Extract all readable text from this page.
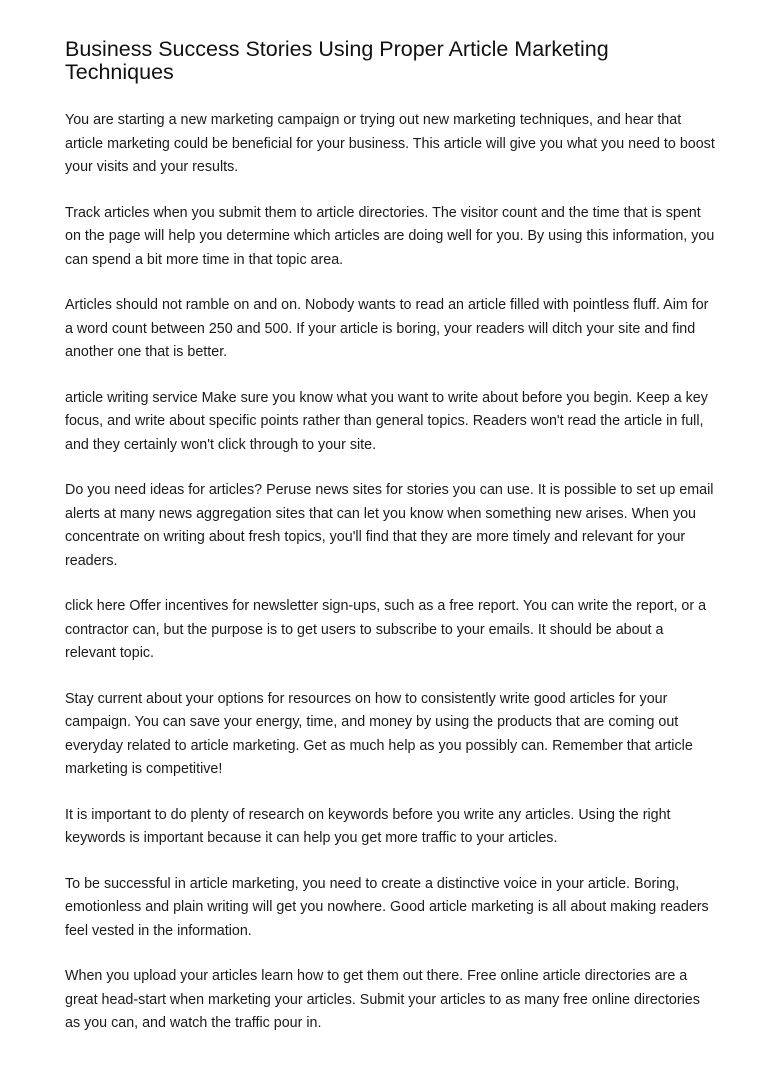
Business Success Stories Using Proper Article Marketing Techniques

You are starting a new marketing campaign or trying out new marketing techniques, and hear that article marketing could be beneficial for your business. This article will give you what you need to boost your visits and your results.

Track articles when you submit them to article directories. The visitor count and the time that is spent on the page will help you determine which articles are doing well for you. By using this information, you can spend a bit more time in that topic area.

Articles should not ramble on and on. Nobody wants to read an article filled with pointless fluff. Aim for a word count between 250 and 500. If your article is boring, your readers will ditch your site and find another one that is better.

article writing service Make sure you know what you want to write about before you begin. Keep a key focus, and write about specific points rather than general topics. Readers won't read the article in full, and they certainly won't click through to your site.

Do you need ideas for articles? Peruse news sites for stories you can use. It is possible to set up email alerts at many news aggregation sites that can let you know when something new arises. When you concentrate on writing about fresh topics, you'll find that they are more timely and relevant for your readers.

click here Offer incentives for newsletter sign-ups, such as a free report. You can write the report, or a contractor can, but the purpose is to get users to subscribe to your emails. It should be about a relevant topic.

Stay current about your options for resources on how to consistently write good articles for your campaign. You can save your energy, time, and money by using the products that are coming out everyday related to article marketing. Get as much help as you possibly can. Remember that article marketing is competitive!

It is important to do plenty of research on keywords before you write any articles. Using the right keywords is important because it can help you get more traffic to your articles.

To be successful in article marketing, you need to create a distinctive voice in your article. Boring, emotionless and plain writing will get you nowhere. Good article marketing is all about making readers feel vested in the information.

When you upload your articles learn how to get them out there. Free online article directories are a great head-start when marketing your articles. Submit your articles to as many free online directories as you can, and watch the traffic pour in.
